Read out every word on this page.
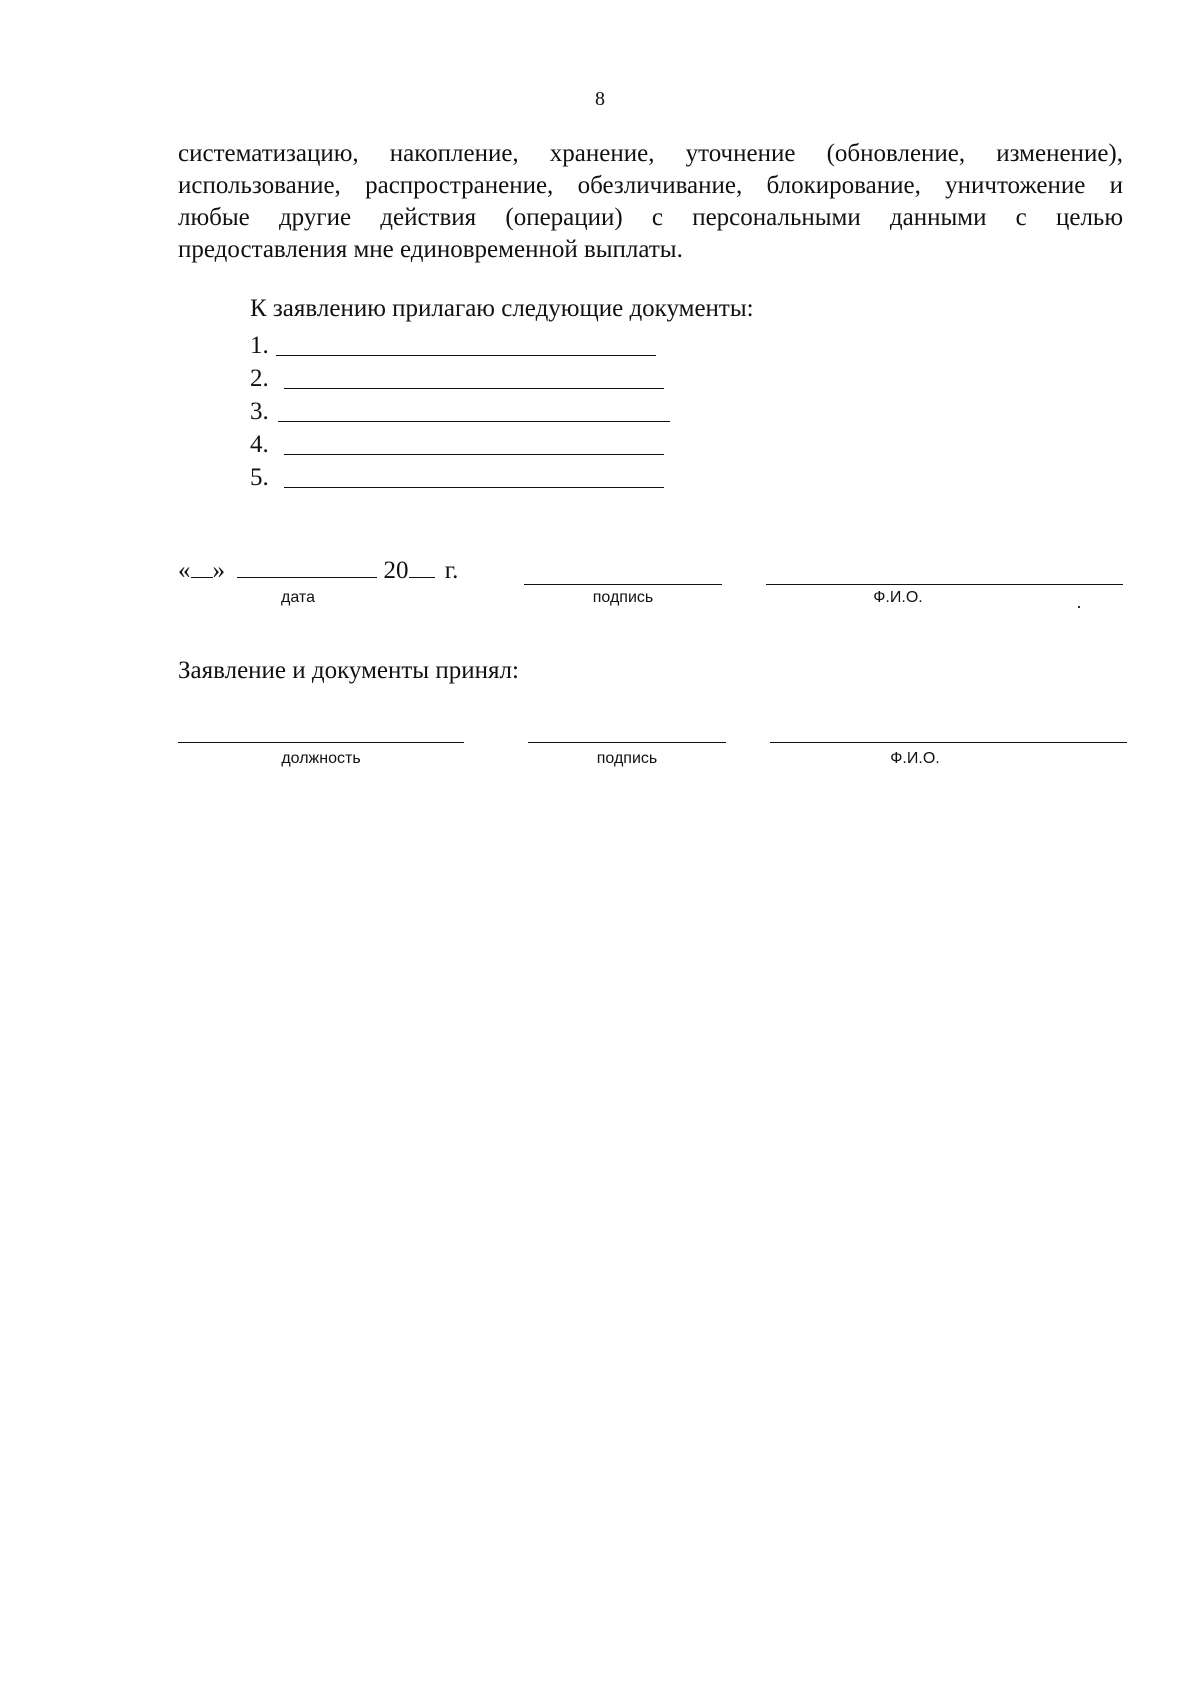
8
систематизацию, накопление, хранение, уточнение (обновление, изменение),
использование, распространение, обезличивание, блокирование, уничтожение и
любые другие действия (операции) с персональными данными с целью
предоставления мне единовременной выплаты.
К заявлению прилагаю следующие документы:
1.
2.
3.
4.
5.
« »	20 г.
дата	подпись	Ф.И.О.
Заявление и документы принял:
должность	подпись	Ф.И.О.
